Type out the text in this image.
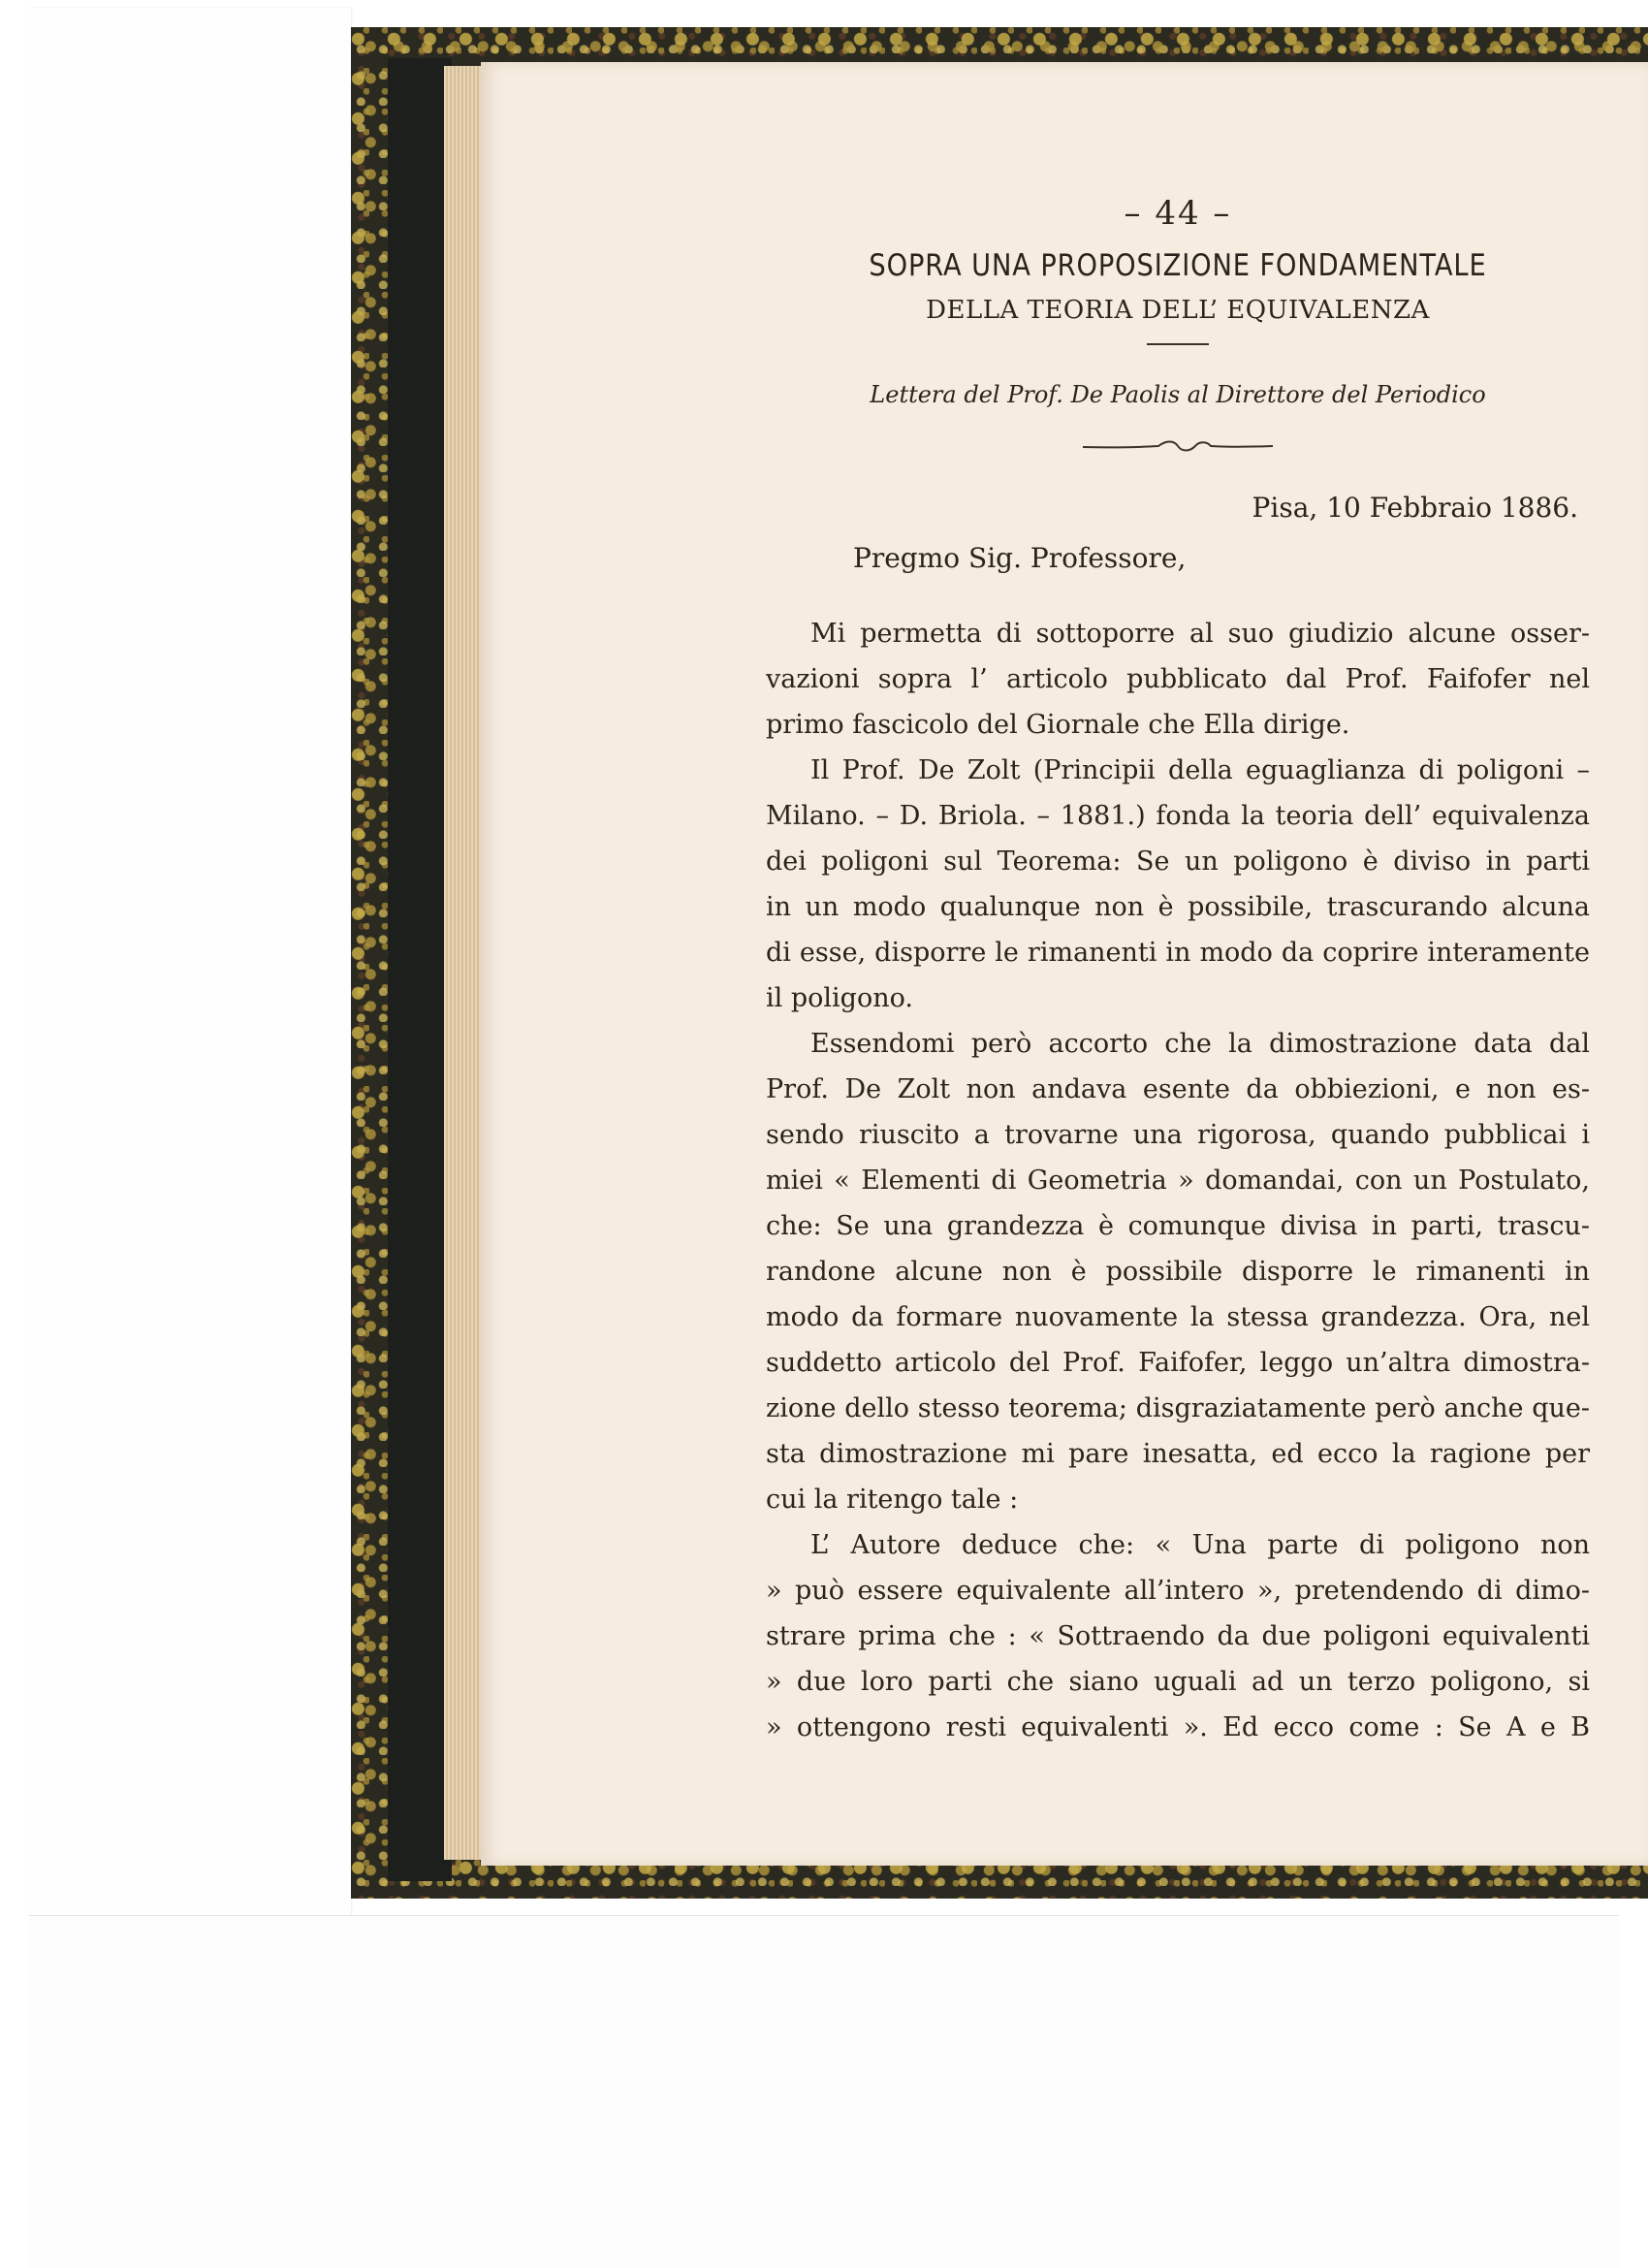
– 44 –
SOPRA UNA PROPOSIZIONE FONDAMENTALE
DELLA TEORIA DELL’ EQUIVALENZA
Lettera del Prof. De Paolis al Direttore del Periodico
Pisa, 10 Febbraio 1886.
Pregmo Sig. Professore,
Mi permetta di sottoporre al suo giudizio alcune osser-
vazioni sopra l’ articolo pubblicato dal Prof. Faifofer nel
primo fascicolo del Giornale che Ella dirige.
Il Prof. De Zolt (Principii della eguaglianza di poligoni –
Milano. – D. Briola. – 1881.) fonda la teoria dell’ equivalenza
dei poligoni sul Teorema: Se un poligono è diviso in parti
in un modo qualunque non è possibile, trascurando alcuna
di esse, disporre le rimanenti in modo da coprire interamente
il poligono.
Essendomi però accorto che la dimostrazione data dal
Prof. De Zolt non andava esente da obbiezioni, e non es-
sendo riuscito a trovarne una rigorosa, quando pubblicai i
miei « Elementi di Geometria » domandai, con un Postulato,
che: Se una grandezza è comunque divisa in parti, trascu-
randone alcune non è possibile disporre le rimanenti in
modo da formare nuovamente la stessa grandezza. Ora, nel
suddetto articolo del Prof. Faifofer, leggo un’altra dimostra-
zione dello stesso teorema; disgraziatamente però anche que-
sta dimostrazione mi pare inesatta, ed ecco la ragione per
cui la ritengo tale :
L’ Autore deduce che: « Una parte di poligono non
» può essere equivalente all’intero », pretendendo di dimo-
strare prima che : « Sottraendo da due poligoni equivalenti
» due loro parti che siano uguali ad un terzo poligono, si
» ottengono resti equivalenti ». Ed ecco come : Se A e B
